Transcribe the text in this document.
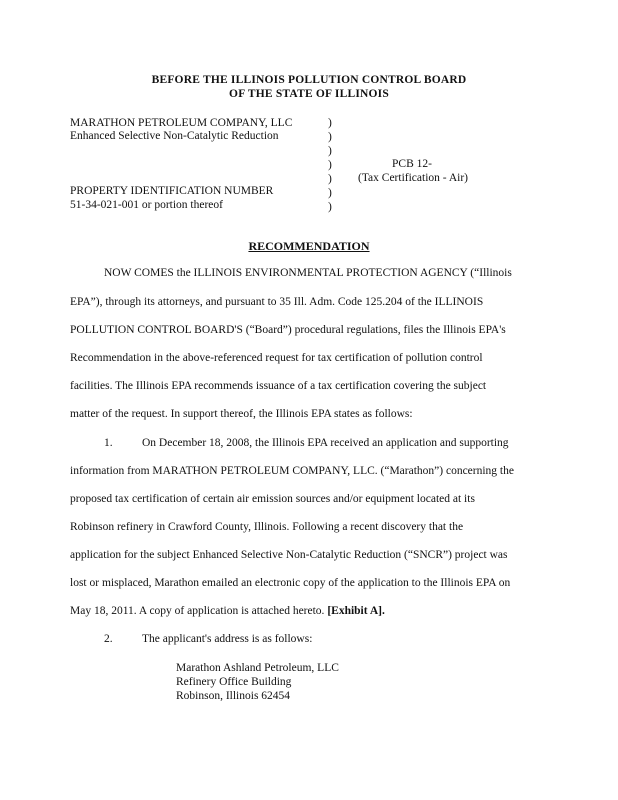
BEFORE THE ILLINOIS POLLUTION CONTROL BOARD
OF THE STATE OF ILLINOIS
MARATHON PETROLEUM COMPANY, LLC
Enhanced Selective Non-Catalytic Reduction
PROPERTY IDENTIFICATION NUMBER
51-34-021-001 or portion thereof
)
)
)
)
)
)
)
PCB 12-
(Tax Certification - Air)
RECOMMENDATION
NOW COMES the ILLINOIS ENVIRONMENTAL PROTECTION AGENCY (“Illinois
EPA”), through its attorneys, and pursuant to 35 Ill. Adm. Code 125.204 of the ILLINOIS
POLLUTION CONTROL BOARD'S (“Board”) procedural regulations, files the Illinois EPA's
Recommendation in the above-referenced request for tax certification of pollution control
facilities. The Illinois EPA recommends issuance of a tax certification covering the subject
matter of the request. In support thereof, the Illinois EPA states as follows:
1.	On December 18, 2008, the Illinois EPA received an application and supporting
information from MARATHON PETROLEUM COMPANY, LLC. (“Marathon”) concerning the
proposed tax certification of certain air emission sources and/or equipment located at its
Robinson refinery in Crawford County, Illinois. Following a recent discovery that the
application for the subject Enhanced Selective Non-Catalytic Reduction (“SNCR”) project was
lost or misplaced, Marathon emailed an electronic copy of the application to the Illinois EPA on
May 18, 2011. A copy of application is attached hereto. [Exhibit A].
2.	The applicant's address is as follows:
Marathon Ashland Petroleum, LLC
Refinery Office Building
Robinson, Illinois 62454
